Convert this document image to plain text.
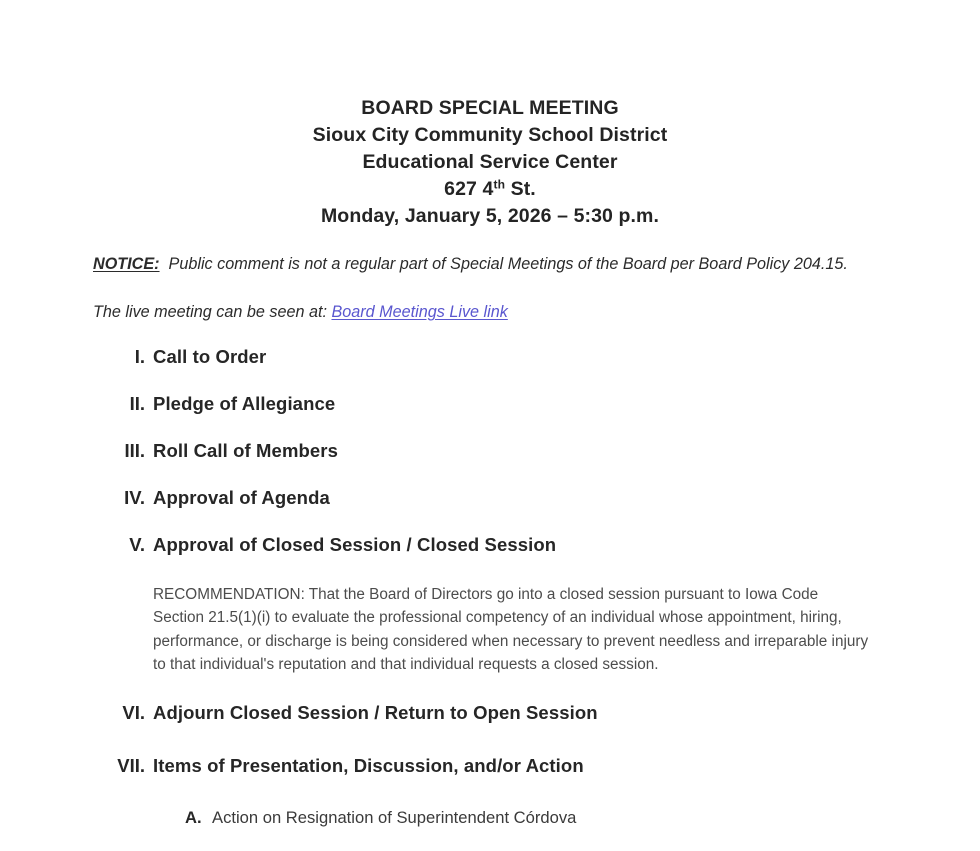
BOARD SPECIAL MEETING
Sioux City Community School District
Educational Service Center
627 4th St.
Monday, January 5, 2026 – 5:30 p.m.
NOTICE: Public comment is not a regular part of Special Meetings of the Board per Board Policy 204.15.
The live meeting can be seen at: Board Meetings Live link
I. Call to Order
II. Pledge of Allegiance
III. Roll Call of Members
IV. Approval of Agenda
V. Approval of Closed Session / Closed Session
VI. Adjourn Closed Session / Return to Open Session
VII. Items of Presentation, Discussion, and/or Action
RECOMMENDATION: That the Board of Directors go into a closed session pursuant to Iowa Code Section 21.5(1)(i) to evaluate the professional competency of an individual whose appointment, hiring, performance, or discharge is being considered when necessary to prevent needless and irreparable injury to that individual's reputation and that individual requests a closed session.
A. Action on Resignation of Superintendent Córdova
